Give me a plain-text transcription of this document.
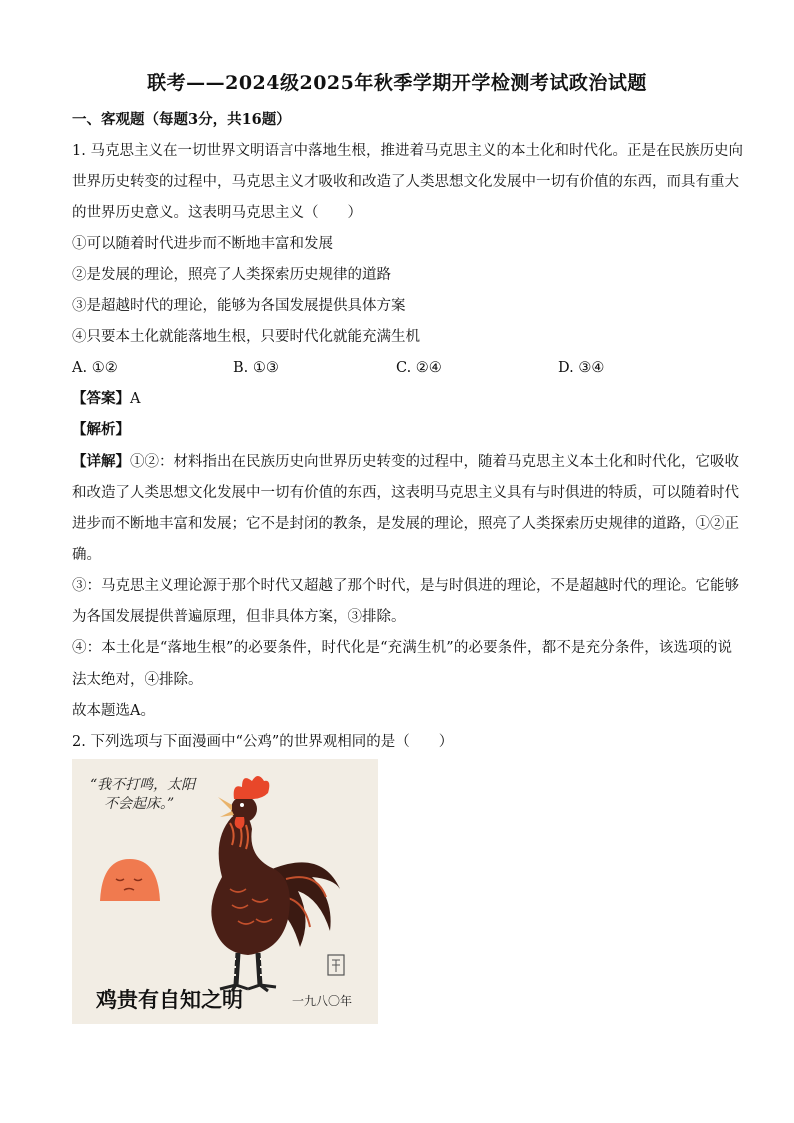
联考——2024级2025年秋季学期开学检测考试政治试题
一、客观题（每题3分，共16题）
1. 马克思主义在一切世界文明语言中落地生根，推进着马克思主义的本土化和时代化。正是在民族历史向
世界历史转变的过程中，马克思主义才吸收和改造了人类思想文化发展中一切有价值的东西，而具有重大
的世界历史意义。这表明马克思主义（　　）
①可以随着时代进步而不断地丰富和发展
②是发展的理论，照亮了人类探索历史规律的道路
③是超越时代的理论，能够为各国发展提供具体方案
④只要本土化就能落地生根，只要时代化就能充满生机
A. ①②	B. ①③	C. ②④	D. ③④
【答案】A
【解析】
【详解】①②：材料指出在民族历史向世界历史转变的过程中，随着马克思主义本土化和时代化，它吸收
和改造了人类思想文化发展中一切有价值的东西，这表明马克思主义具有与时俱进的特质，可以随着时代
进步而不断地丰富和发展；它不是封闭的教条，是发展的理论，照亮了人类探索历史规律的道路，①②正
确。
③：马克思主义理论源于那个时代又超越了那个时代，是与时俱进的理论，不是超越时代的理论。它能够
为各国发展提供普遍原理，但非具体方案，③排除。
④：本土化是“落地生根”的必要条件，时代化是“充满生机”的必要条件，都不是充分条件，该选项的说
法太绝对，④排除。
故本题选A。
2. 下列选项与下面漫画中“公鸡”的世界观相同的是（　　）
“我不打鸣，太阳
不会起床。”
鸡贵有自知之明	一九八〇年
